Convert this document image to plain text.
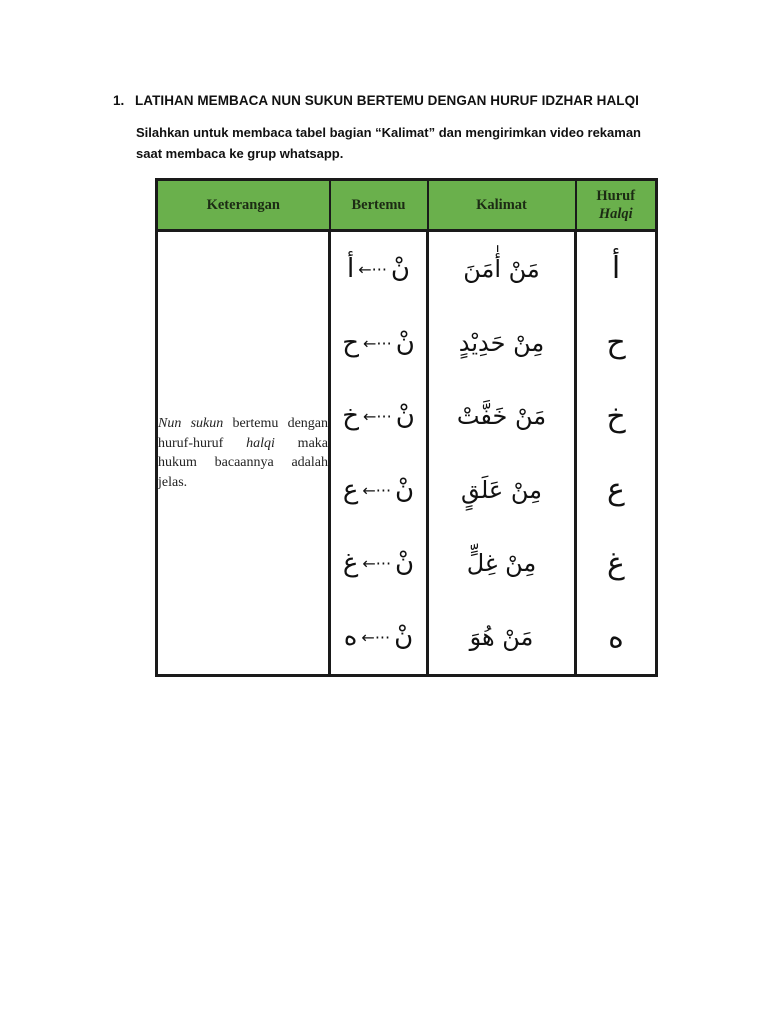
1. LATIHAN MEMBACA NUN SUKUN BERTEMU DENGAN HURUF IDZHAR HALQI
Silahkan untuk membaca tabel bagian “Kalimat” dan mengirimkan video rekaman saat membaca ke grup whatsapp.
Keterangan	Bertemu	Kalimat	Huruf
Halqi

Nun sukun bertemu dengan huruf-huruf halqi maka hukum bacaannya adalah jelas.	نْ←···أ	مَنْ أٰمَنَ	أ
	نْ←···ح	مِنْ حَدِيْدٍ	ح
	نْ←···خ	مَنْ خَفَّتْ	خ
	نْ←···ع	مِنْ عَلَقٍ	ع
	نْ←···غ	مِنْ غِلٍّ	غ
	نْ←···ه	مَنْ هُوَ	ه
